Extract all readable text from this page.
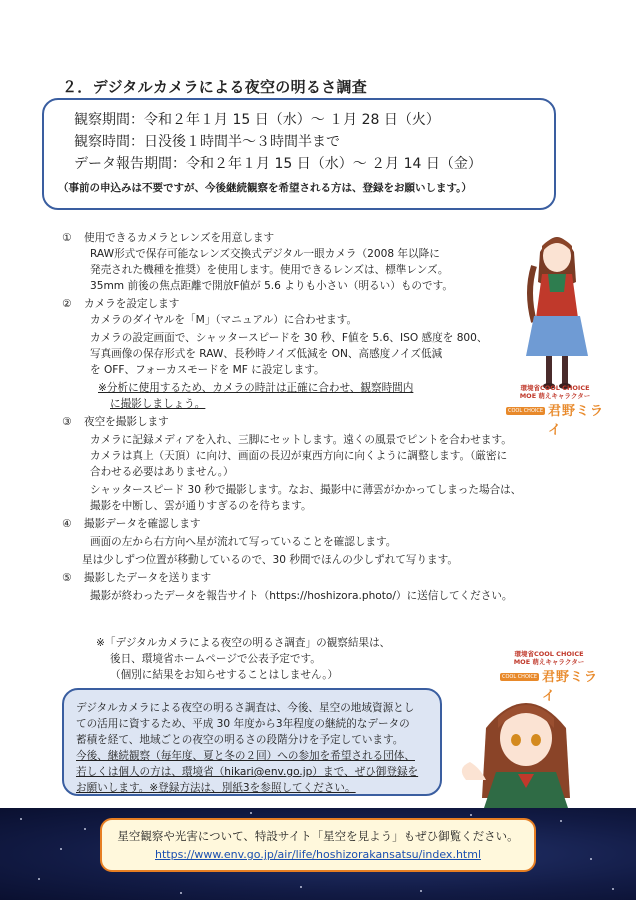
２．デジタルカメラによる夜空の明るさ調査
観察期間：令和２年１月 15 日（水）～ １月 28 日（火）
観察時間：日没後１時間半～３時間半まで
データ報告期間：令和２年１月 15 日（水）～ ２月 14 日（金）
（事前の申込みは不要ですが、今後継続観察を希望される方は、登録をお願いします。）
① 使用できるカメラとレンズを用意します
RAW形式で保存可能なレンズ交換式デジタル一眼カメラ（2008 年以降に
発売された機種を推奨）を使用します。使用できるレンズは、標準レンズ。
35mm 前後の焦点距離で開放F値が 5.6 よりも小さい（明るい）ものです。
② カメラを設定します
カメラのダイヤルを「M」（マニュアル）に合わせます。
カメラの設定画面で、シャッタースピードを 30 秒、F値を 5.6、ISO 感度を 800、
写真画像の保存形式を RAW、長秒時ノイズ低減を ON、高感度ノイズ低減
を OFF、フォーカスモードを MF に設定します。
※分析に使用するため、カメラの時計は正確に合わせ、観察時間内
に撮影しましょう。
③ 夜空を撮影します
カメラに記録メディアを入れ、三脚にセットします。遠くの風景でピントを合わせます。
カメラは真上（天頂）に向け、画面の長辺が東西方向に向くように調整します。（厳密に
合わせる必要はありません。）
シャッタースピード 30 秒で撮影します。なお、撮影中に薄雲がかかってしまった場合は、
撮影を中断し、雲が通りすぎるのを待ちます。
④ 撮影データを確認します
画面の左から右方向へ星が流れて写っていることを確認します。
星は少しずつ位置が移動しているので、30 秒間でほんの少しずれて写ります。
⑤ 撮影したデータを送ります
撮影が終わったデータを報告サイト（https://hoshizora.photo/）に送信してください。
※「デジタルカメラによる夜空の明るさ調査」の観察結果は、
後日、環境省ホームページで公表予定です。
（個別に結果をお知らせすることはしません。）
デジタルカメラによる夜空の明るさ調査は、今後、星空の地域資源とし
ての活用に資するため、平成 30 年度から3年程度の継続的なデータの
蓄積を経て、地域ごとの夜空の明るさの段階分けを予定しています。
今後、継続観察（毎年度、夏と冬の２回）への参加を希望される団体、
若しくは個人の方は、環境省（hikari@env.go.jp）まで、ぜひ御登録を
お願いします。※登録方法は、別紙3を参照してください。
環境省COOL CHOICE
MOE 萌えキャラクター
COOL CHOICE 君野ミライ
環境省COOL CHOICE
MOE 萌えキャラクター
COOL CHOICE 君野ミライ
星空観察や光害について、特設サイト「星空を見よう」もぜひ御覧ください。
https://www.env.go.jp/air/life/hoshizorakansatsu/index.html
